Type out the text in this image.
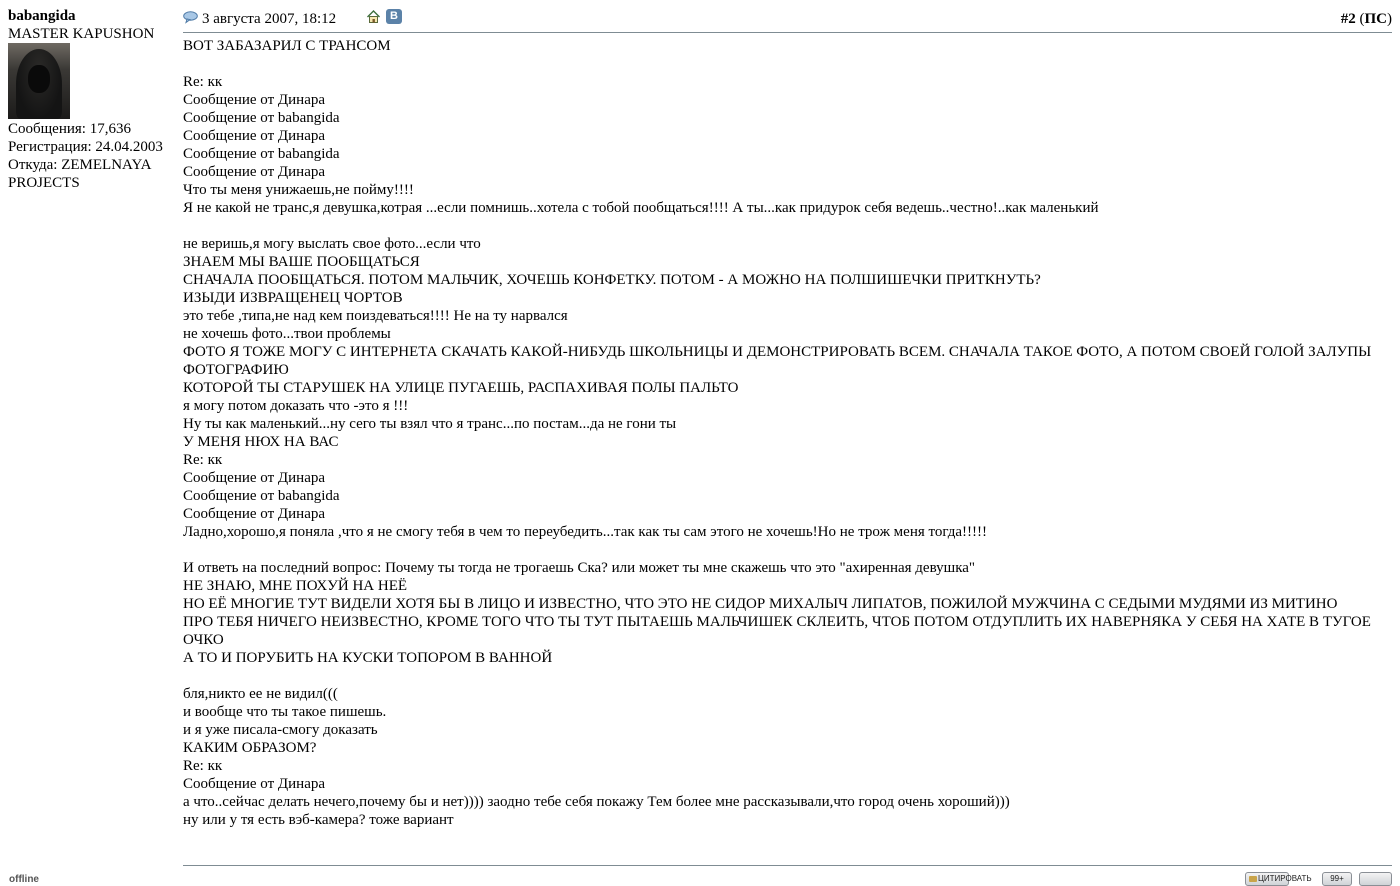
babangida
MASTER KAPUSHON
Сообщения: 17,636
Регистрация: 24.04.2003
Откуда: ZEMELNAYA PROJECTS
offline
3 августа 2007, 18:12	В	#2 (ПС)
ВОТ ЗАБАЗАРИЛ С ТРАНСОМ
Re: кк
Сообщение от Динара
Сообщение от babangida
Сообщение от Динара
Сообщение от babangida
Сообщение от Динара
Что ты меня унижаешь,не пойму!!!!
Я не какой не транс,я девушка,котрая ...если помнишь..хотела с тобой пообщаться!!!! А ты...как придурок себя ведешь..честно!..как маленький
не веришь,я могу выслать свое фото...если что
ЗНАЕМ МЫ ВАШЕ ПООБЩАТЬСЯ
СНАЧАЛА ПООБЩАТЬСЯ. ПОТОМ МАЛЬЧИК, ХОЧЕШЬ КОНФЕТКУ. ПОТОМ - А МОЖНО НА ПОЛШИШЕЧКИ ПРИТКНУТЬ?
ИЗЫДИ ИЗВРАЩЕНЕЦ ЧОРТОВ
это тебе ,типа,не над кем поиздеваться!!!! Не на ту нарвался
не хочешь фото...твои проблемы
ФОТО Я ТОЖЕ МОГУ С ИНТЕРНЕТА СКАЧАТЬ КАКОЙ-НИБУДЬ ШКОЛЬНИЦЫ И ДЕМОНСТРИРОВАТЬ ВСЕМ. СНАЧАЛА ТАКОЕ ФОТО, А ПОТОМ СВОЕЙ ГОЛОЙ ЗАЛУПЫ ФОТОГРАФИЮ
КОТОРОЙ ТЫ СТАРУШЕК НА УЛИЦЕ ПУГАЕШЬ, РАСПАХИВАЯ ПОЛЫ ПАЛЬТО
я могу потом доказать что -это я !!!
Ну ты как маленький...ну сего ты взял что я транс...по постам...да не гони ты
У МЕНЯ НЮХ НА ВАС
Re: кк
Сообщение от Динара
Сообщение от babangida
Сообщение от Динара
Ладно,хорошо,я поняла ,что я не смогу тебя в чем то переубедить...так как ты сам этого не хочешь!Но не трож меня тогда!!!!!
И ответь на последний вопрос: Почему ты тогда не трогаешь Ска? или может ты мне скажешь что это "ахиренная девушка"
НЕ ЗНАЮ, МНЕ ПОХУЙ НА НЕЁ
НО ЕЁ МНОГИЕ ТУТ ВИДЕЛИ ХОТЯ БЫ В ЛИЦО И ИЗВЕСТНО, ЧТО ЭТО НЕ СИДОР МИХАЛЫЧ ЛИПАТОВ, ПОЖИЛОЙ МУЖЧИНА С СЕДЫМИ МУДЯМИ ИЗ МИТИНО
ПРО ТЕБЯ НИЧЕГО НЕИЗВЕСТНО, КРОМЕ ТОГО ЧТО ТЫ ТУТ ПЫТАЕШЬ МАЛЬЧИШЕК СКЛЕИТЬ, ЧТОБ ПОТОМ ОТДУПЛИТЬ ИХ НАВЕРНЯКА У СЕБЯ НА ХАТЕ В ТУГОЕ ОЧКО
А ТО И ПОРУБИТЬ НА КУСКИ ТОПОРОМ В ВАННОЙ
бля,никто ее не видил(((
и вообще что ты такое пишешь.
и я уже писала-смогу доказать
КАКИМ ОБРАЗОМ?
Re: кк
Сообщение от Динара
а что..сейчас делать нечего,почему бы и нет)))) заодно тебе себя покажу Тем более мне рассказывали,что город очень хороший)))
ну или у тя есть вэб-камера? тоже вариант
ЦИТИРОВАТЬ	99+
